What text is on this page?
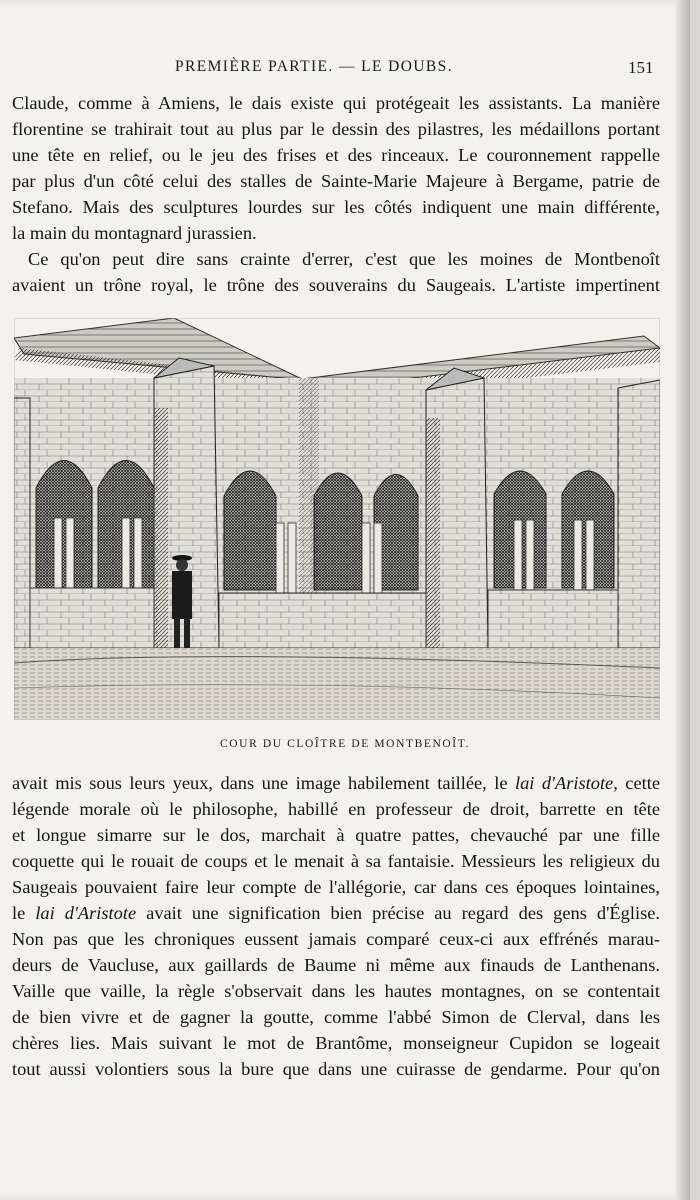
PREMIÈRE PARTIE. — LE DOUBS.	151
Claude, comme à Amiens, le dais existe qui protégeait les assistants. La manière
florentine se trahirait tout au plus par le dessin des pilastres, les médaillons portant
une tête en relief, ou le jeu des frises et des rinceaux. Le couronnement rappelle
par plus d'un côté celui des stalles de Sainte-Marie Majeure à Bergame, patrie de
Stefano. Mais des sculptures lourdes sur les côtés indiquent une main différente,
la main du montagnard jurassien.
Ce qu'on peut dire sans crainte d'errer, c'est que les moines de Montbenoît
avaient un trône royal, le trône des souverains du Saugeais. L'artiste impertinent
COUR DU CLOÎTRE DE MONTBENOÎT.
avait mis sous leurs yeux, dans une image habilement taillée, le lai d'Aristote, cette
légende morale où le philosophe, habillé en professeur de droit, barrette en tête
et longue simarre sur le dos, marchait à quatre pattes, chevauché par une fille
coquette qui le rouait de coups et le menait à sa fantaisie. Messieurs les religieux du
Saugeais pouvaient faire leur compte de l'allégorie, car dans ces époques lointaines,
le lai d'Aristote avait une signification bien précise au regard des gens d'Église.
Non pas que les chroniques eussent jamais comparé ceux-ci aux effrénés marau-
deurs de Vaucluse, aux gaillards de Baume ni même aux finauds de Lanthenans.
Vaille que vaille, la règle s'observait dans les hautes montagnes, on se contentait
de bien vivre et de gagner la goutte, comme l'abbé Simon de Clerval, dans les
chères lies. Mais suivant le mot de Brantôme, monseigneur Cupidon se logeait
tout aussi volontiers sous la bure que dans une cuirasse de gendarme. Pour qu'on
